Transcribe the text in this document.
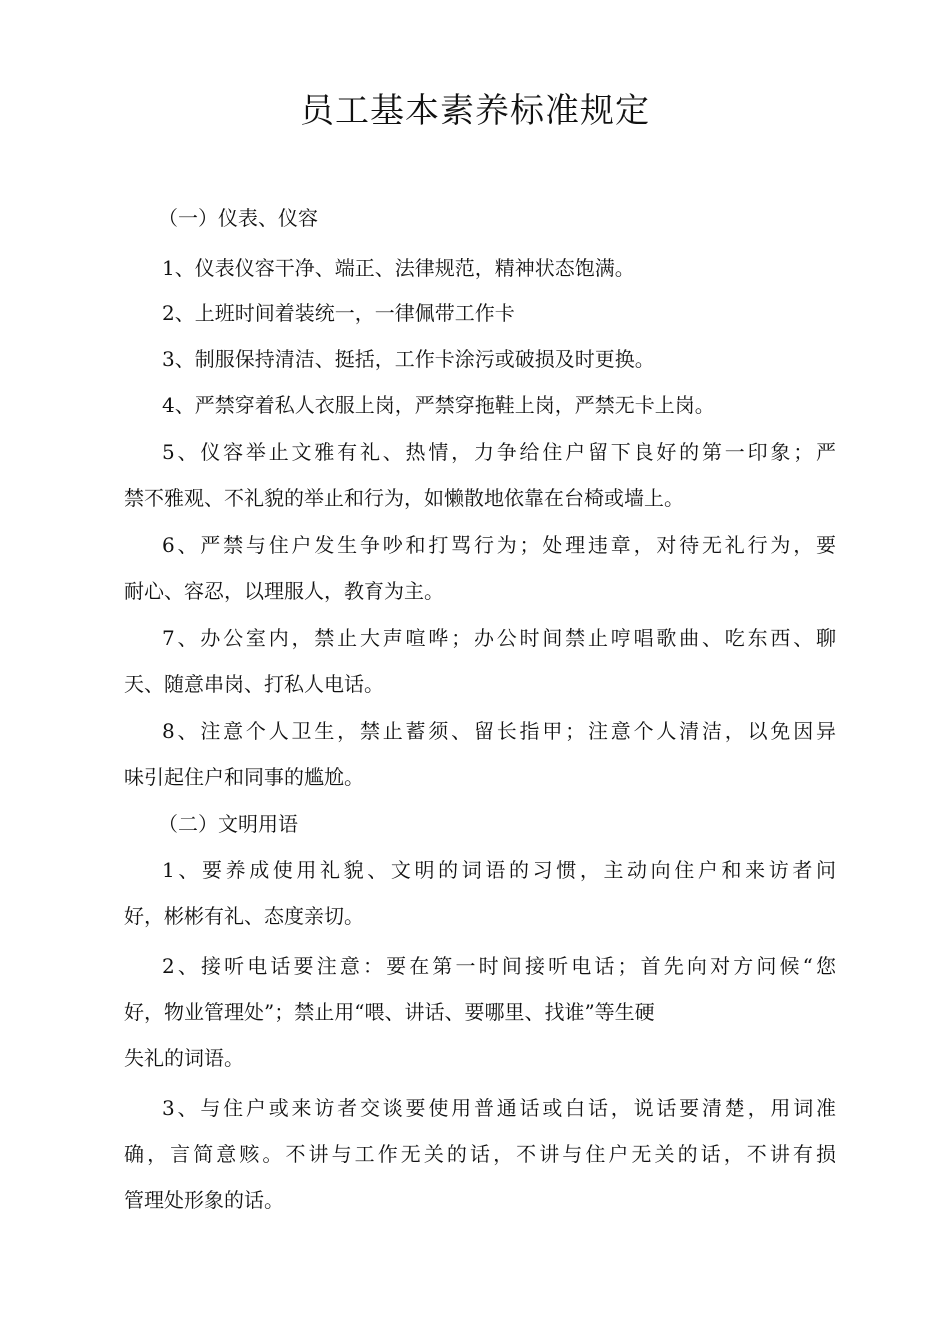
员工基本素养标准规定
（一）仪表、仪容
1、仪表仪容干净、端正、法律规范，精神状态饱满。
2、上班时间着装统一，一律佩带工作卡
3、制服保持清洁、挺括，工作卡涂污或破损及时更换。
4、严禁穿着私人衣服上岗，严禁穿拖鞋上岗，严禁无卡上岗。
5、仪容举止文雅有礼、热情，力争给住户留下良好的第一印象；严
禁不雅观、不礼貌的举止和行为，如懒散地依靠在台椅或墙上。
6、严禁与住户发生争吵和打骂行为；处理违章，对待无礼行为，要
耐心、容忍，以理服人，教育为主。
7、办公室内，禁止大声喧哗；办公时间禁止哼唱歌曲、吃东西、聊
天、随意串岗、打私人电话。
8、注意个人卫生，禁止蓄须、留长指甲；注意个人清洁，以免因异
味引起住户和同事的尴尬。
（二）文明用语
1、要养成使用礼貌、文明的词语的习惯，主动向住户和来访者问
好，彬彬有礼、态度亲切。
2、接听电话要注意：要在第一时间接听电话；首先向对方问候“您
好，物业管理处”；禁止用“喂、讲话、要哪里、找谁”等生硬
失礼的词语。
3、与住户或来访者交谈要使用普通话或白话，说话要清楚，用词准
确，言简意赅。不讲与工作无关的话，不讲与住户无关的话，不讲有损
管理处形象的话。
